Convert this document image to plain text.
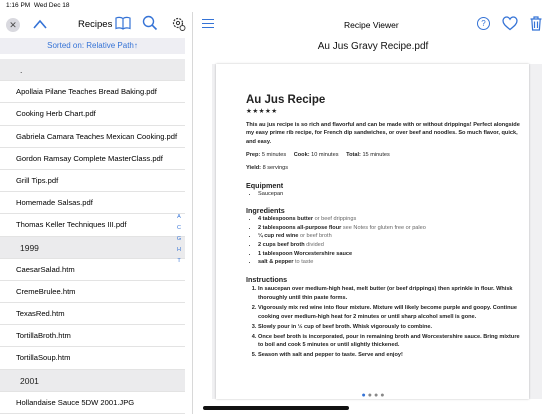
1:16 PM Wed Dec 18
✕	Recipes
Sorted on: Relative Path↑
.
Apollaia Pilane Teaches Bread Baking.pdf
Cooking Herb Chart.pdf
Gabriela Camara Teaches Mexican Cooking.pdf
Gordon Ramsay Complete MasterClass.pdf
Grill Tips.pdf
Homemade Salsas.pdf
Thomas Keller Techniques III.pdf
1999
CaesarSalad.htm
CremeBrulee.htm
TexasRed.htm
TortillaBroth.htm
TortillaSoup.htm
2001
Hollandaise Sauce 5DW 2001.JPG
A
C
G
H
T
Recipe Viewer	?
Au Jus Gravy Recipe.pdf
Au Jus Recipe
★★★★★
This au jus recipe is so rich and flavorful and can be made with or without drippings! Perfect alongside my easy prime rib recipe, for French dip sandwiches, or over beef and noodles. So much flavor, quick, and easy.
Prep: 5 minutes Cook: 10 minutes Total: 15 minutes
Yield: 8 servings
Equipment
• Saucepan
Ingredients
• 4 tablespoons butter or beef drippings
• 2 tablespoons all-purpose flour see Notes for gluten free or paleo
• ¼ cup red wine or beef broth
• 2 cups beef broth divided
• 1 tablespoon Worcestershire sauce
• salt & pepper to taste
Instructions
1. In saucepan over medium-high heat, melt butter (or beef drippings) then sprinkle in flour. Whisk thoroughly until thin paste forms.
2. Vigorously mix red wine into flour mixture. Mixture will likely become purple and goopy. Continue cooking over medium-high heat for 2 minutes or until sharp alcohol smell is gone.
3. Slowly pour in ½ cup of beef broth. Whisk vigorously to combine.
4. Once beef broth is incorporated, pour in remaining broth and Worcestershire sauce. Bring mixture to boil and cook 5 minutes or until slightly thickened.
5. Season with salt and pepper to taste. Serve and enjoy!
●●●●
